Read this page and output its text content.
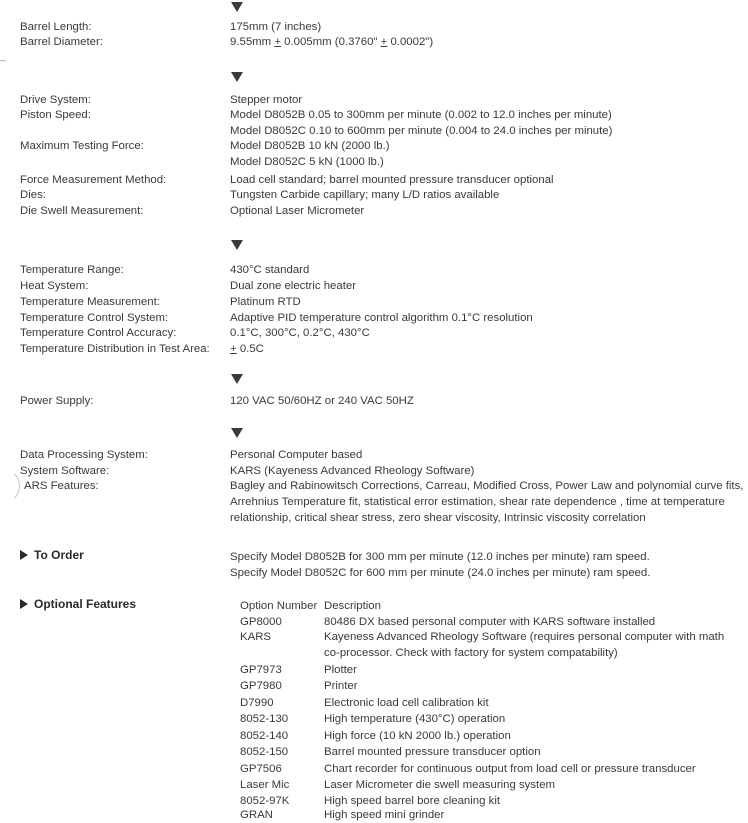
Barrel Length:	175mm (7 inches)
Barrel Diameter:	9.55mm + 0.005mm (0.3760" + 0.0002")
Drive System:	Stepper motor
Piston Speed:	Model D8052B 0.05 to 300mm per minute (0.002 to 12.0 inches per minute)
Model D8052C 0.10 to 600mm per minute (0.004 to 24.0 inches per minute)
Maximum Testing Force:	Model D8052B 10 kN (2000 lb.)
Model D8052C 5 kN (1000 lb.)
Force Measurement Method:	Load cell standard; barrel mounted pressure transducer optional
Dies:	Tungsten Carbide capillary; many L/D ratios available
Die Swell Measurement:	Optional Laser Micrometer
Temperature Range:	430°C standard
Heat System:	Dual zone electric heater
Temperature Measurement:	Platinum RTD
Temperature Control System:	Adaptive PID temperature control algorithm 0.1°C resolution
Temperature Control Accuracy:	0.1°C, 300°C, 0.2°C, 430°C
Temperature Distribution in Test Area: + 0.5C
Power Supply:	120 VAC 50/60HZ or 240 VAC 50HZ
Data Processing System:	Personal Computer based
System Software:	KARS (Kayeness Advanced Rheology Software)
ARS Features:	Bagley and Rabinowitsch Corrections, Carreau, Modified Cross, Power Law and polynomial curve fits,
Arrehnius Temperature fit, statistical error estimation, shear rate dependence , time at temperature
relationship, critical shear stress, zero shear viscosity, Intrinsic viscosity correlation
To Order	Specify Model D8052B for 300 mm per minute (12.0 inches per minute) ram speed.
Specify Model D8052C for 600 mm per minute (24.0 inches per minute) ram speed.
Optional Features	Option Number Description
GP8000	80486 DX based personal computer with KARS software installed
KARS	Kayeness Advanced Rheology Software (requires personal computer with math
co-processor. Check with factory for system compatability)
GP7973	Plotter
GP7980	Printer
D7990	Electronic load cell calibration kit
8052-130	High temperature (430°C) operation
8052-140	High force (10 kN 2000 lb.) operation
8052-150	Barrel mounted pressure transducer option
GP7506	Chart recorder for continuous output from load cell or pressure transducer
Laser Mic	Laser Micrometer die swell measuring system
8052-97K	High speed barrel bore cleaning kit
GRAN	High speed mini grinder
